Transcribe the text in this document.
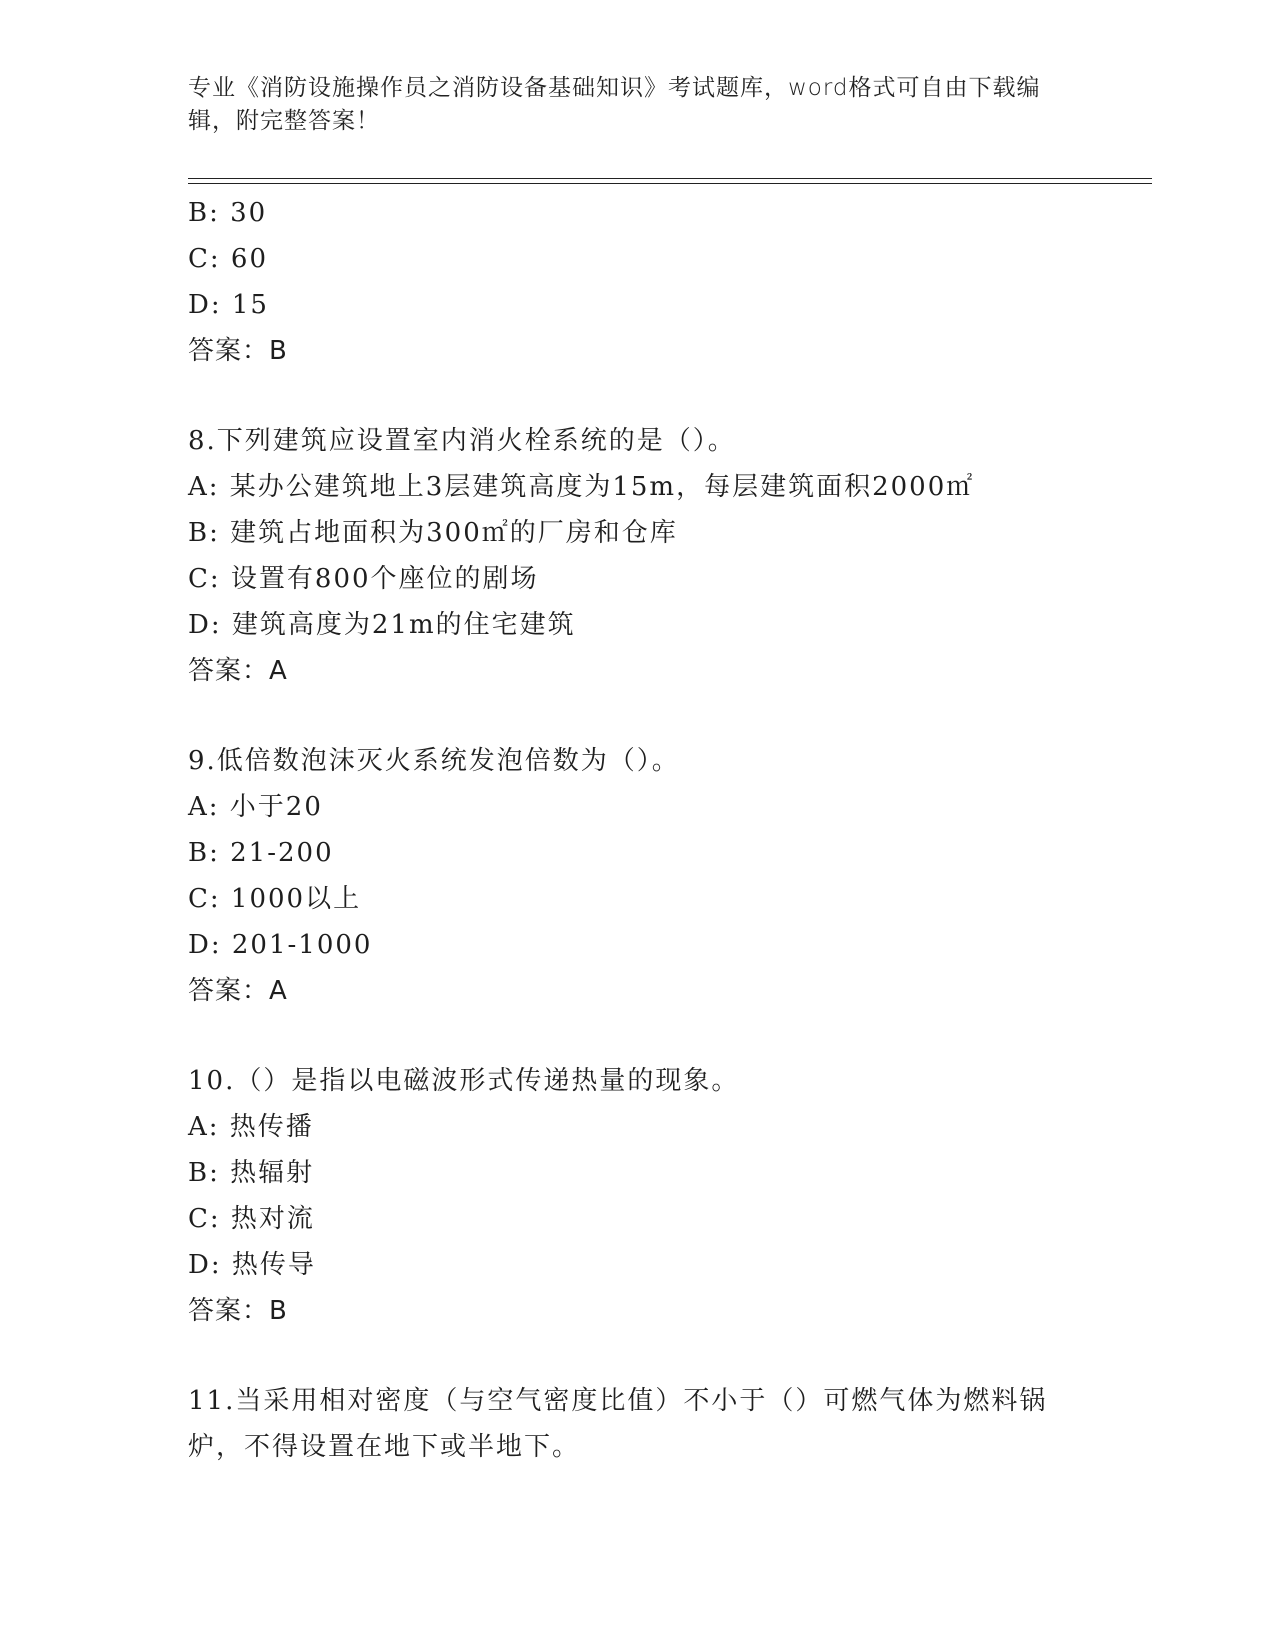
专业《消防设施操作员之消防设备基础知识》考试题库，word格式可自由下载编辑，附完整答案！
B: 30
C: 60
D: 15
答案：B
8.下列建筑应设置室内消火栓系统的是（）。
A: 某办公建筑地上3层建筑高度为15m，每层建筑面积2000㎡
B: 建筑占地面积为300㎡的厂房和仓库
C: 设置有800个座位的剧场
D: 建筑高度为21m的住宅建筑
答案：A
9.低倍数泡沫灭火系统发泡倍数为（）。
A: 小于20
B: 21-200
C: 1000以上
D: 201-1000
答案：A
10.（）是指以电磁波形式传递热量的现象。
A: 热传播
B: 热辐射
C: 热对流
D: 热传导
答案：B
11.当采用相对密度（与空气密度比值）不小于（）可燃气体为燃料锅
炉，不得设置在地下或半地下。
